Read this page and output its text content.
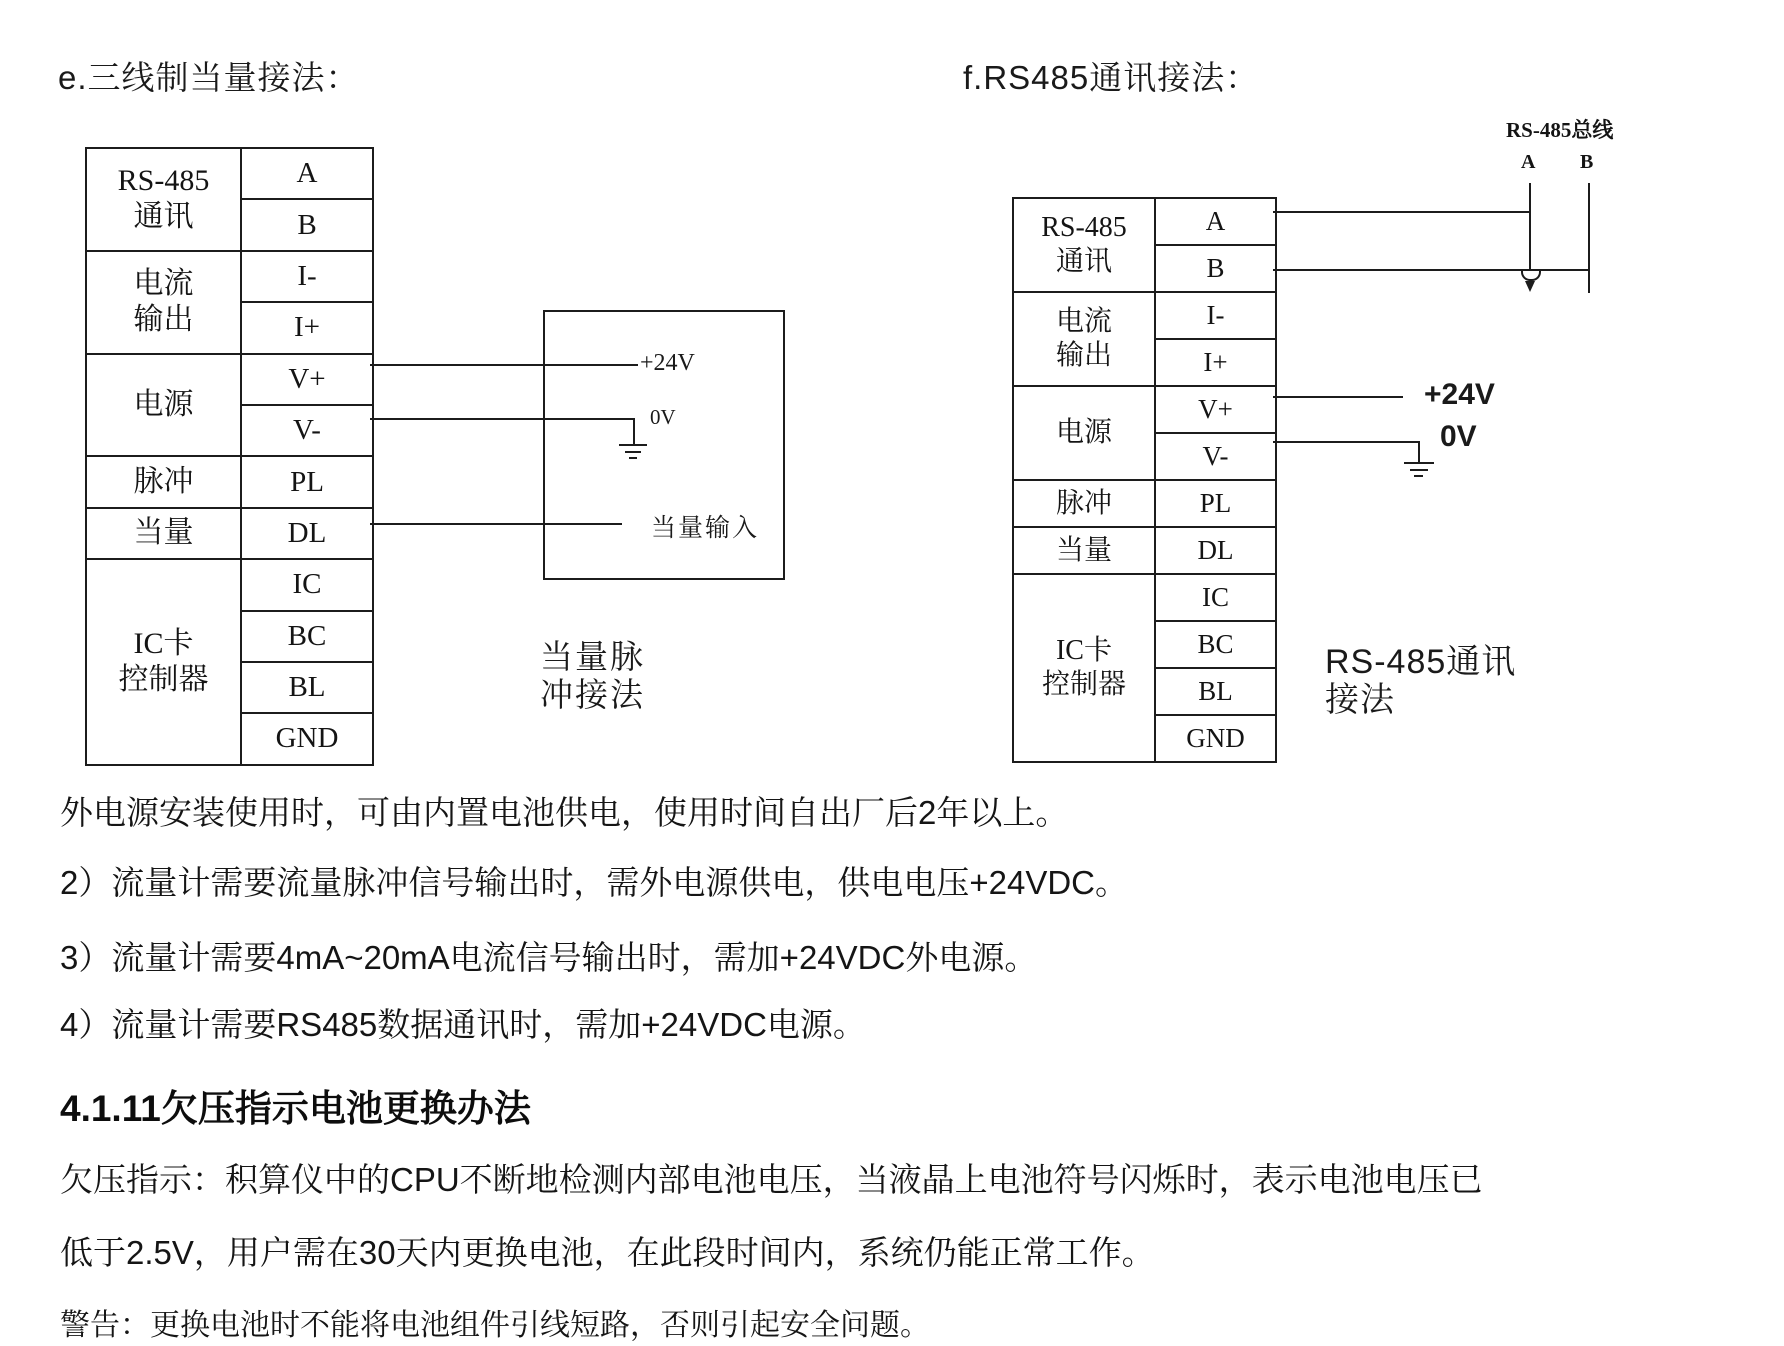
e.三线制当量接法：
RS-485
通讯	A
	B

电流
输出	I-
	I+

电源	V+
	V-

脉冲	PL

当量	DL

IC卡
控制器	IC
	BC
	BL
	GND
+24V
0V
当量输入
当量脉
冲接法
f.RS485通讯接法：
RS-485
通讯	A
	B

电流
输出	I-
	I+

电源	V+
	V-

脉冲	PL

当量	DL

IC卡
控制器	IC
	BC
	BL
	GND
RS-485总线
A B
+24V
0V
RS-485通讯
接法
外电源安装使用时，可由内置电池供电，使用时间自出厂后2年以上。
2）流量计需要流量脉冲信号输出时，需外电源供电，供电电压+24VDC。
3）流量计需要4mA~20mA电流信号输出时，需加+24VDC外电源。
4）流量计需要RS485数据通讯时，需加+24VDC电源。
4.1.11欠压指示电池更换办法
欠压指示：积算仪中的CPU不断地检测内部电池电压，当液晶上电池符号闪烁时，表示电池电压已
低于2.5V，用户需在30天内更换电池，在此段时间内，系统仍能正常工作。
警告：更换电池时不能将电池组件引线短路，否则引起安全问题。
